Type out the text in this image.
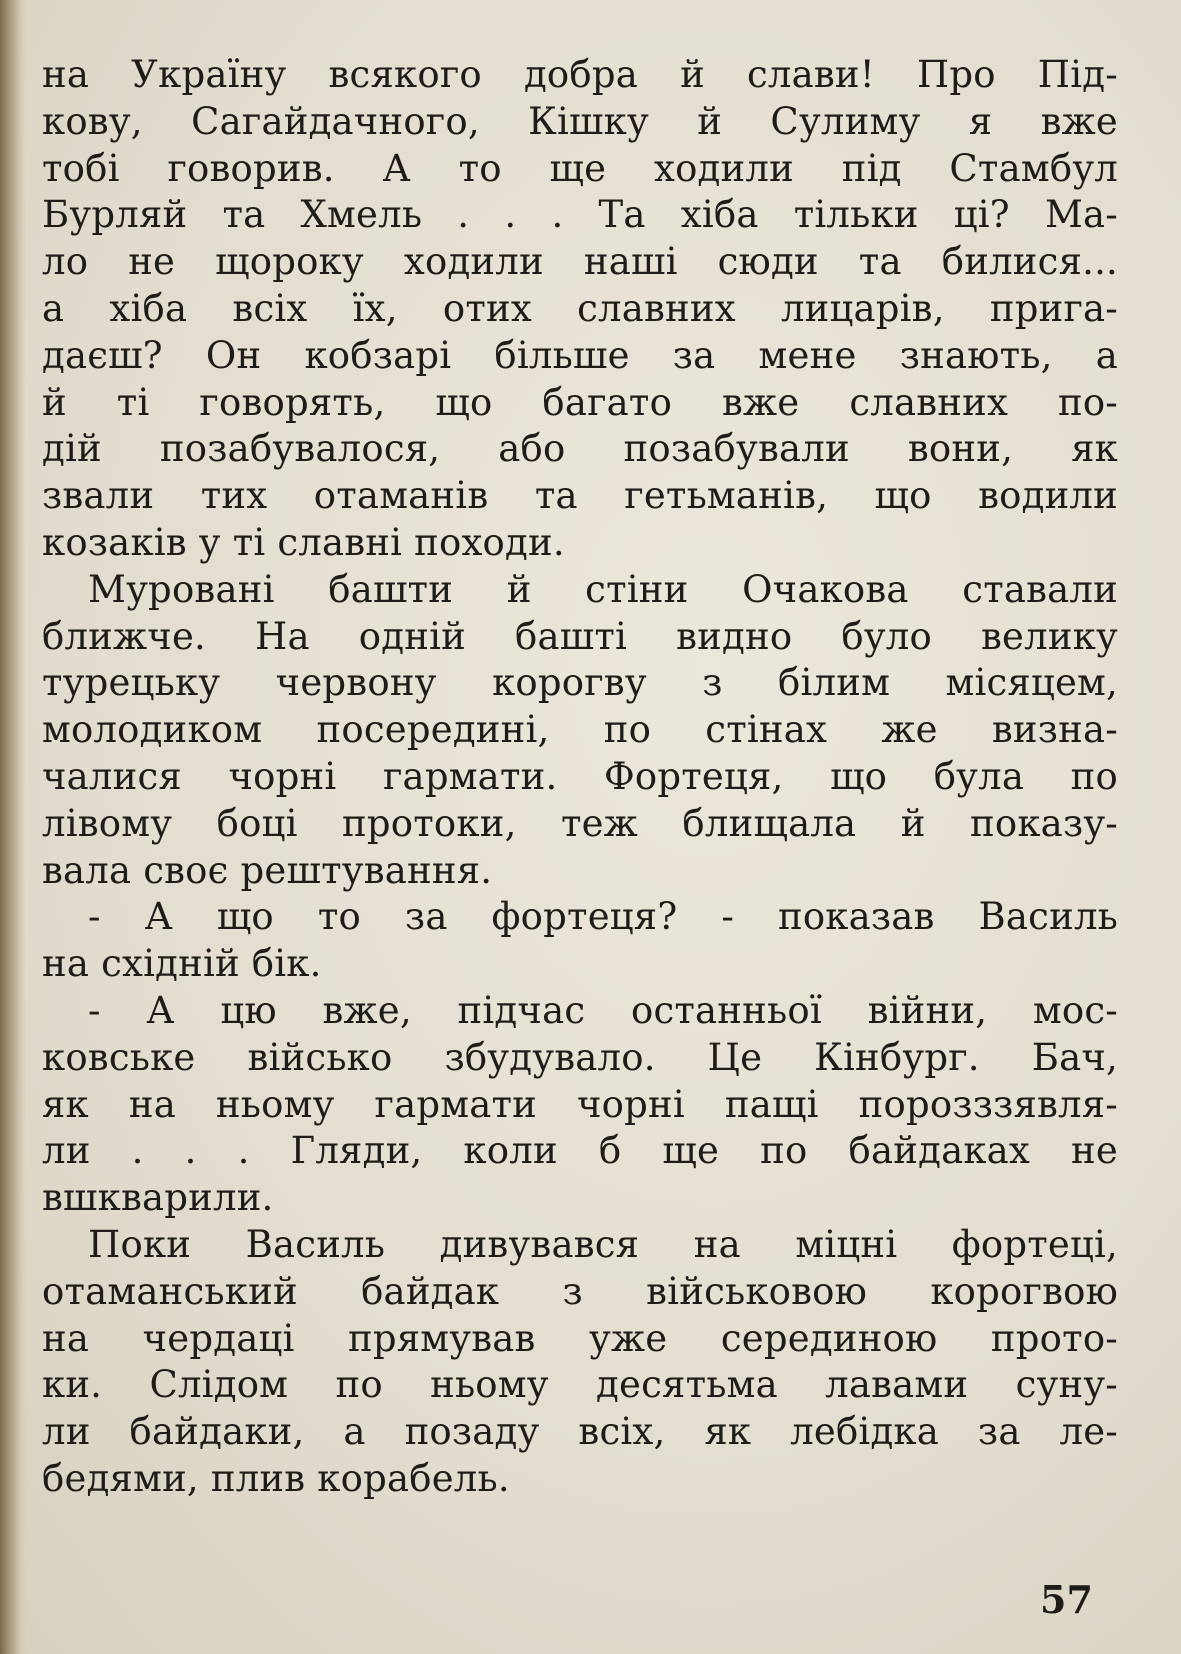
на Україну всякого добра й слави! Про Під-
кову, Сагайдачного, Кішку й Сулиму я вже
тобі говорив. А то ще ходили під Стамбул
Бурляй та Хмель . . . Та хіба тільки ці? Ма-
ло не щороку ходили наші сюди та билися...
а хіба всіх їх, отих славних лицарів, прига-
даєш? Он кобзарі більше за мене знають, а
й ті говорять, що багато вже славних по-
дій позабувалося, або позабували вони, як
звали тих отаманів та гетьманів, що водили
козаків у ті славні походи.
Муровані башти й стіни Очакова ставали
ближче. На одній башті видно було велику
турецьку червону корогву з білим місяцем,
молодиком посередині, по стінах же визна-
чалися чорні гармати. Фортеця, що була по
лівому боці протоки, теж блищала й показу-
вала своє рештування.
- А що то за фортеця? - показав Василь
на східній бік.
- А цю вже, підчас останньої війни, мос-
ковське військо збудувало. Це Кінбург. Бач,
як на ньому гармати чорні пащі порозззявля-
ли . . . Гляди, коли б ще по байдаках не
вшкварили.
Поки Василь дивувався на міцні фортеці,
отаманський байдак з військовою корогвою
на чердаці прямував уже серединою прото-
ки. Слідом по ньому десятьма лавами суну-
ли байдаки, а позаду всіх, як лебідка за ле-
бедями, плив корабель.
57
